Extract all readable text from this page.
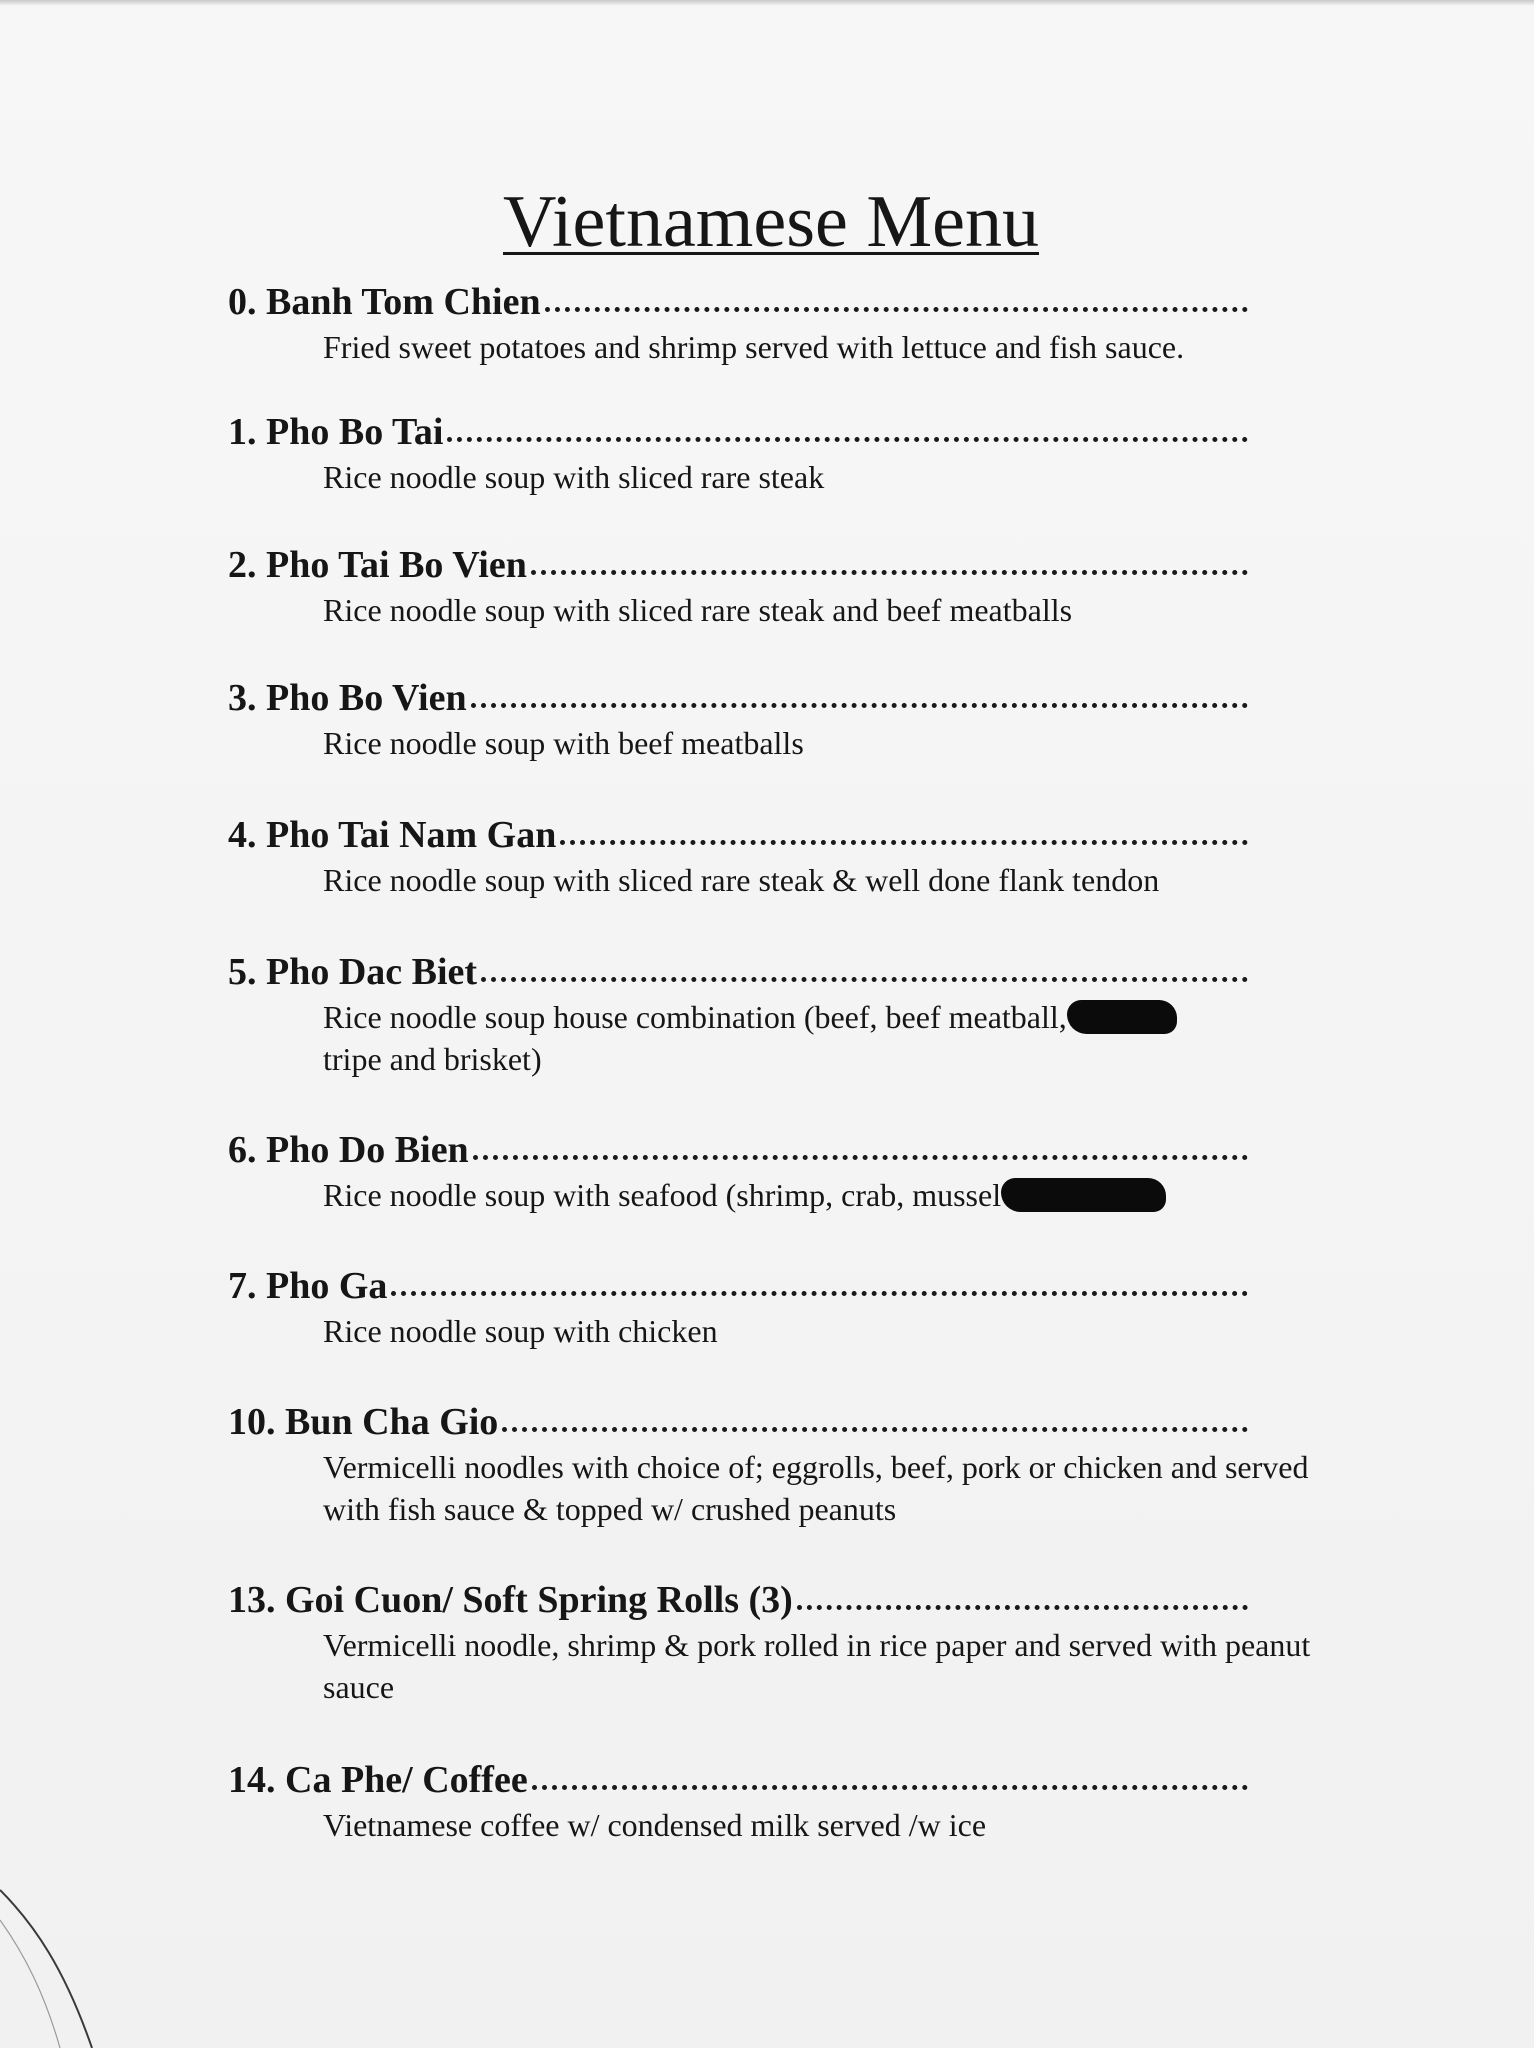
Vietnamese Menu
0. Banh Tom Chien
Fried sweet potatoes and shrimp served with lettuce and fish sauce.
1. Pho Bo Tai
Rice noodle soup with sliced rare steak
2. Pho Tai Bo Vien
Rice noodle soup with sliced rare steak and beef meatballs
3. Pho Bo Vien
Rice noodle soup with beef meatballs
4. Pho Tai Nam Gan
Rice noodle soup with sliced rare steak & well done flank tendon
5. Pho Dac Biet
Rice noodle soup house combination (beef, beef meatball,
tripe and brisket)
6. Pho Do Bien
Rice noodle soup with seafood (shrimp, crab, mussel
7. Pho Ga
Rice noodle soup with chicken
10. Bun Cha Gio
Vermicelli noodles with choice of; eggrolls, beef, pork or chicken and served with fish sauce & topped w/ crushed peanuts
13. Goi Cuon/ Soft Spring Rolls (3)
Vermicelli noodle, shrimp & pork rolled in rice paper and served with peanut sauce
14. Ca Phe/ Coffee
Vietnamese coffee w/ condensed milk served /w ice
